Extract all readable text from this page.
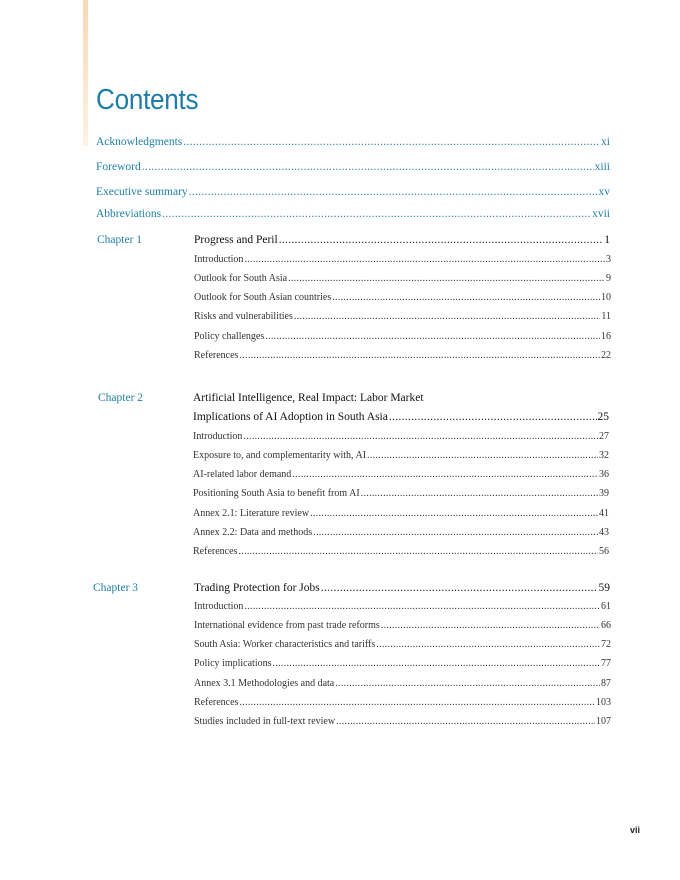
Contents
Acknowledgments .....	xi
Foreword .....	xiii
Executive summary .....	xv
Abbreviations .....	xvii
Chapter 1	Progress and Peril .....	1
Introduction .....	3
Outlook for South Asia .....	9
Outlook for South Asian countries .....	10
Risks and vulnerabilities .....	11
Policy challenges .....	16
References .....	22
Chapter 2	Artificial Intelligence, Real Impact: Labor Market
Implications of AI Adoption in South Asia .....	25
Introduction .....	27
Exposure to, and complementarity with, AI .....	32
AI-related labor demand .....	36
Positioning South Asia to benefit from AI .....	39
Annex 2.1: Literature review .....	41
Annex 2.2: Data and methods .....	43
References .....	56
Chapter 3	Trading Protection for Jobs .....	59
Introduction .....	61
International evidence from past trade reforms .....	66
South Asia: Worker characteristics and tariffs .....	72
Policy implications .....	77
Annex 3.1 Methodologies and data .....	87
References .....	103
Studies included in full-text review .....	107
vii
